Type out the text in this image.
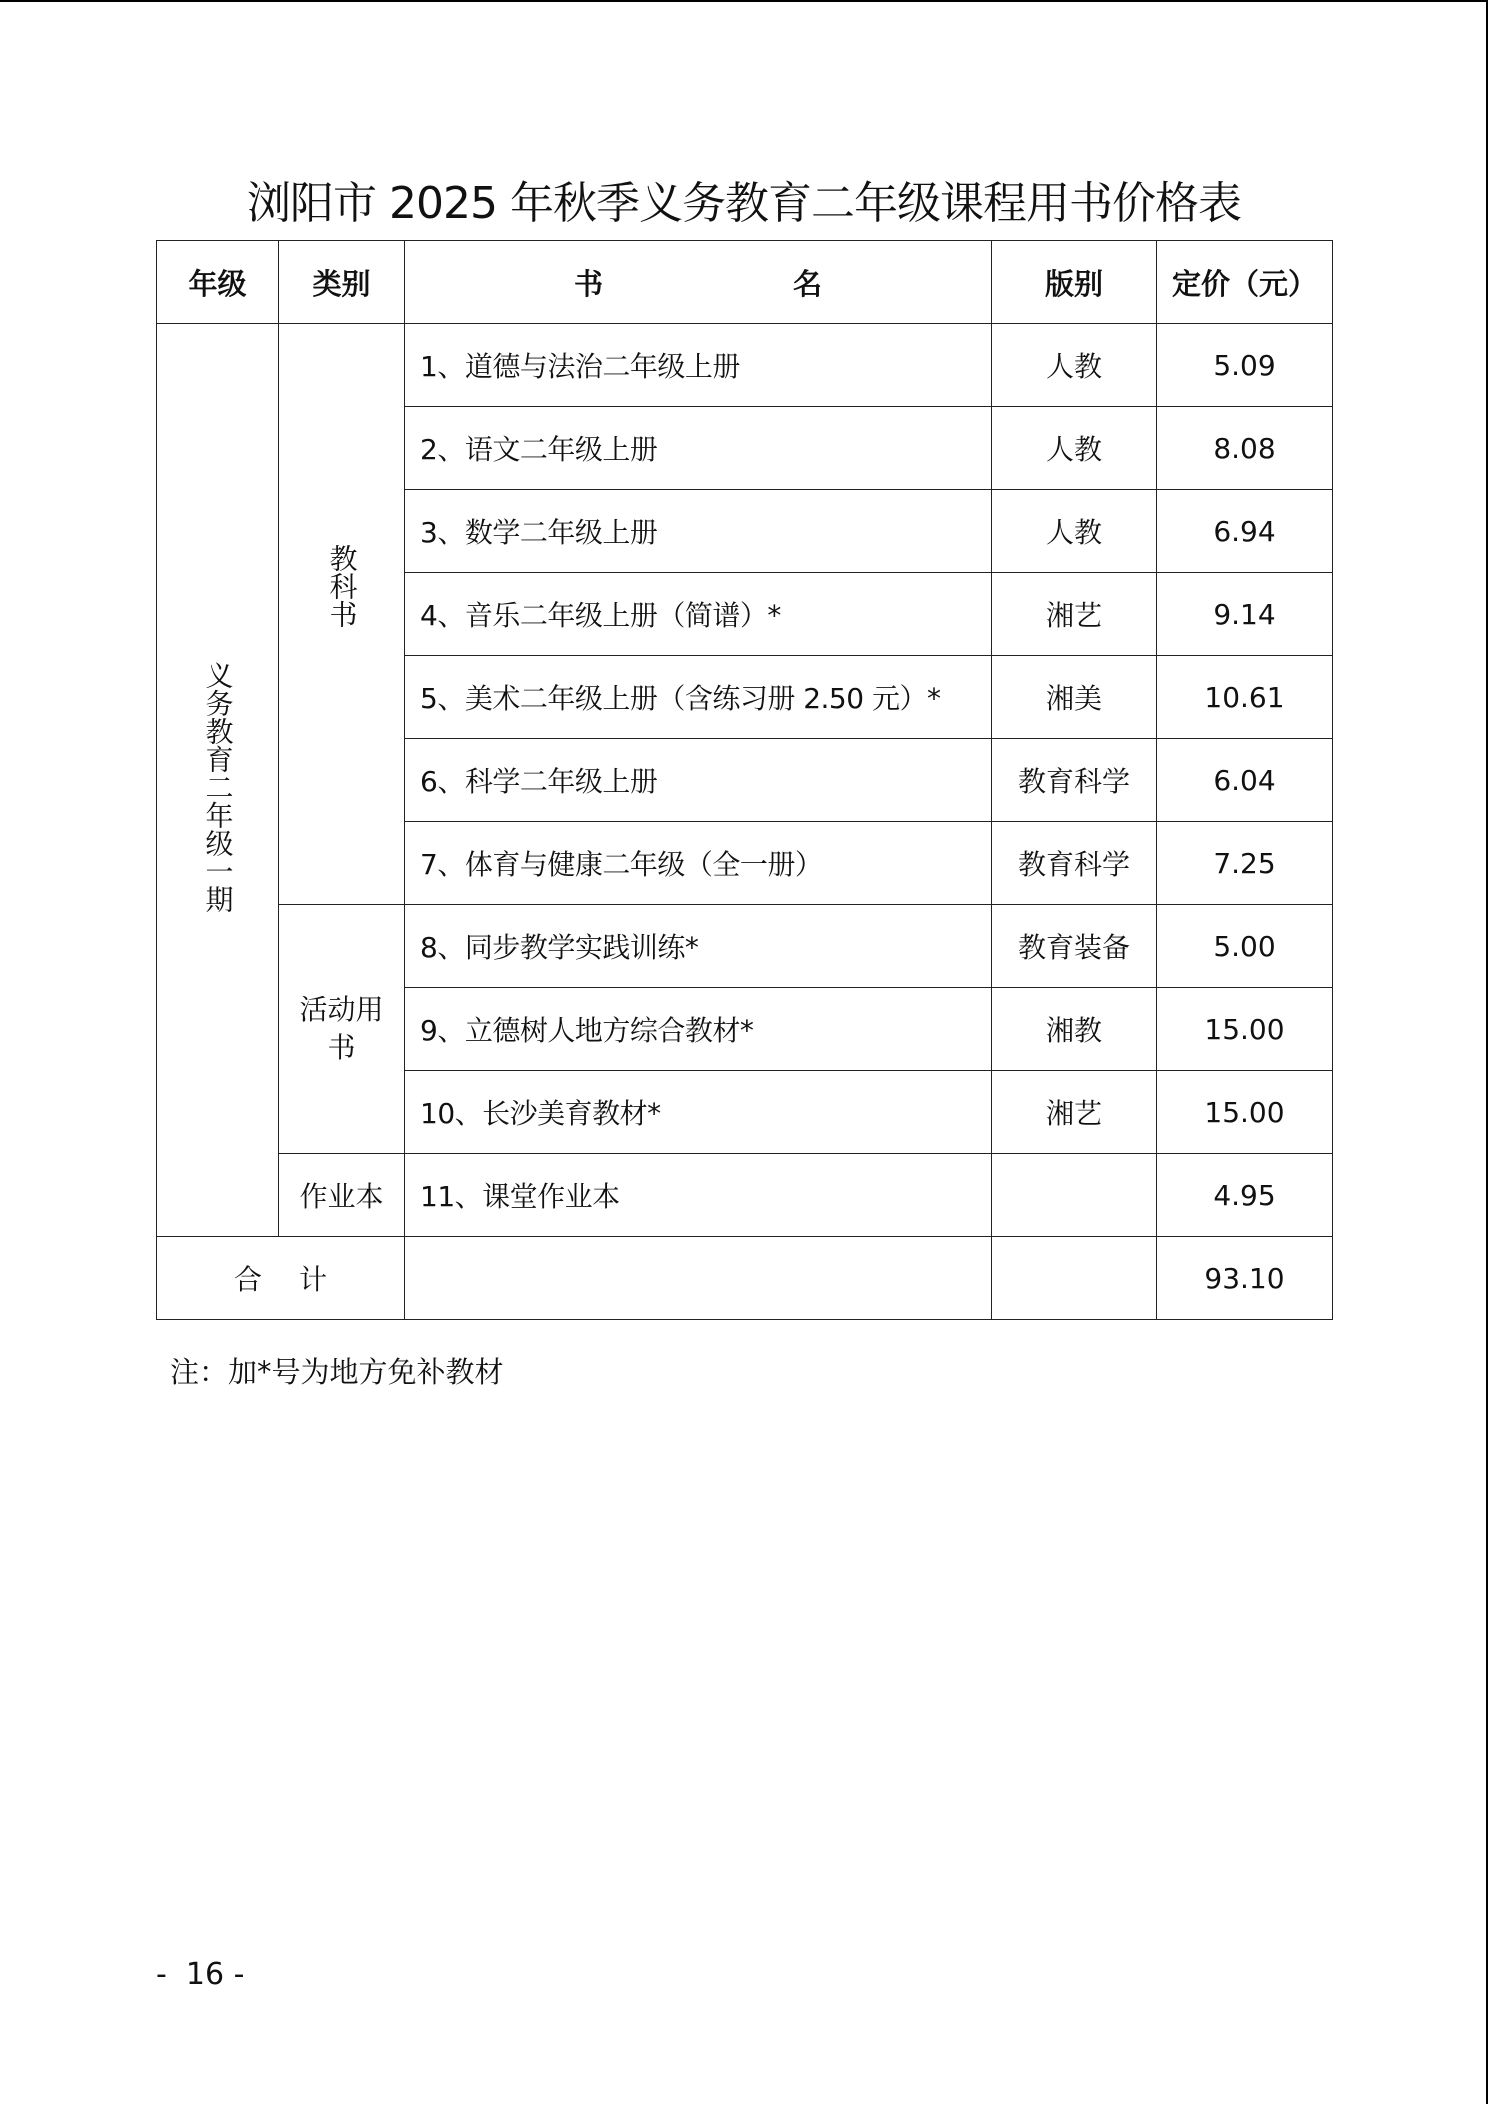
浏阳市 2025 年秋季义务教育二年级课程用书价格表
年级	类别	书 名	版别	定价（元）
义务教育二年级一期	教科书	1、道德与法治二年级上册	人教	5.09
		2、语文二年级上册	人教	8.08
		3、数学二年级上册	人教	6.94
		4、音乐二年级上册（简谱）*	湘艺	9.14
		5、美术二年级上册（含练习册 2.50 元）*	湘美	10.61
		6、科学二年级上册	教育科学	6.04
		7、体育与健康二年级（全一册）	教育科学	7.25
	活动用书	8、同步教学实践训练*	教育装备	5.00
		9、立德树人地方综合教材*	湘教	15.00
		10、长沙美育教材*	湘艺	15.00
	作业本	11、课堂作业本		4.95
合 计				93.10
注：加*号为地方免补教材
-  16 -
